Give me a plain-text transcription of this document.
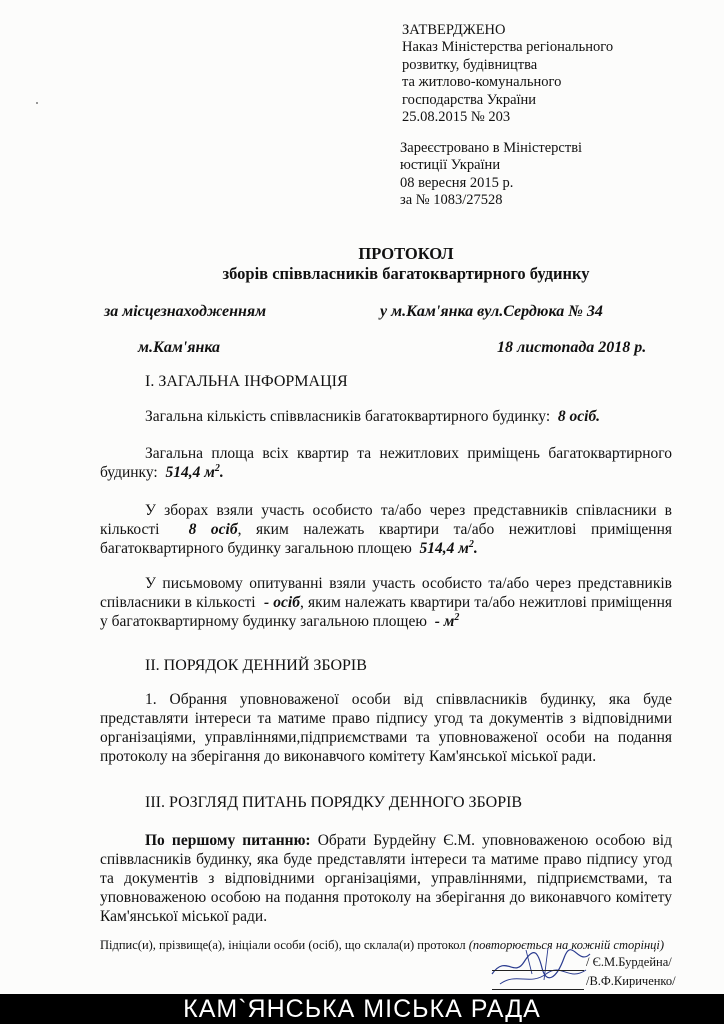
ЗАТВЕРДЖЕНО
Наказ Міністерства регіонального
розвитку, будівництва
та житлово-комунального
господарства України
25.08.2015 № 203
Зареєстровано в Міністерстві
юстиції України
08 вересня 2015 р.
за № 1083/27528
ПРОТОКОЛ
зборів співвласників багатоквартирного будинку
за місцезнаходженням	у м.Кам'янка вул.Сердюка № 34
м.Кам'янка	18 листопада 2018 р.
І. ЗАГАЛЬНА ІНФОРМАЦІЯ
Загальна кількість співвласників багатоквартирного будинку: 8 осіб.
Загальна площа всіх квартир та нежитлових приміщень багатоквартирного будинку: 514,4 $м^2$.
У зборах взяли участь особисто та/або через представників співласники в кількості 8 осіб, яким належать квартири та/або нежитлові приміщення багатоквартирного будинку загальною площею 514,4 $м^2$.
У письмовому опитуванні взяли участь особисто та/або через представників співласники в кількості - осіб, яким належать квартири та/або нежитлові приміщення у багатоквартирному будинку загальною площею - $м^2$
ІІ. ПОРЯДОК ДЕННИЙ ЗБОРІВ
1. Обрання уповноваженої особи від співвласників будинку, яка буде представляти інтереси та матиме право підпису угод та документів з відповідними організаціями, управліннями,підприємствами та уповноваженої особи на подання протоколу на зберігання до виконавчого комітету Кам'янської міської ради.
ІІІ. РОЗГЛЯД ПИТАНЬ ПОРЯДКУ ДЕННОГО ЗБОРІВ
По першому питанню: Обрати Бурдейну Є.М. уповноваженою особою від співвласників будинку, яка буде представляти інтереси та матиме право підпису угод та документів з відповідними організаціями, управліннями, підприємствами, та уповноваженою особою на подання протоколу на зберігання до виконавчого комітету Кам'янської міської ради.
Підпис(и), прізвище(а), ініціали особи (осіб), що склала(и) протокол (повторюється на кожній сторінці)
/ Є.М.Бурдейна/
/В.Ф.Кириченко/
КАМ`ЯНСЬКА МІСЬКА РАДА
